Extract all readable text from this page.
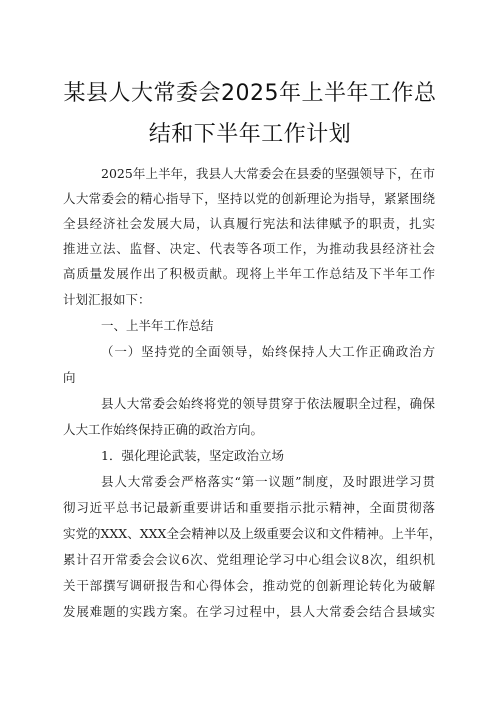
某县人大常委会2025年上半年工作总
结和下半年工作计划
2025年上半年，我县人大常委会在县委的坚强领导下，在市
人大常委会的精心指导下，坚持以党的创新理论为指导，紧紧围绕
全县经济社会发展大局，认真履行宪法和法律赋予的职责，扎实
推进立法、监督、决定、代表等各项工作，为推动我县经济社会
高质量发展作出了积极贡献。现将上半年工作总结及下半年工作
计划汇报如下：
一、上半年工作总结
（一）坚持党的全面领导，始终保持人大工作正确政治方
向
县人大常委会始终将党的领导贯穿于依法履职全过程，确保
人大工作始终保持正确的政治方向。
1．强化理论武装，坚定政治立场
县人大常委会严格落实“第一议题”制度，及时跟进学习贯
彻习近平总书记最新重要讲话和重要指示批示精神，全面贯彻落
实党的XXX、XXX全会精神以及上级重要会议和文件精神。上半年，
累计召开常委会会议6次、党组理论学习中心组会议8次，组织机
关干部撰写调研报告和心得体会，推动党的创新理论转化为破解
发展难题的实践方案。在学习过程中，县人大常委会结合县域实
